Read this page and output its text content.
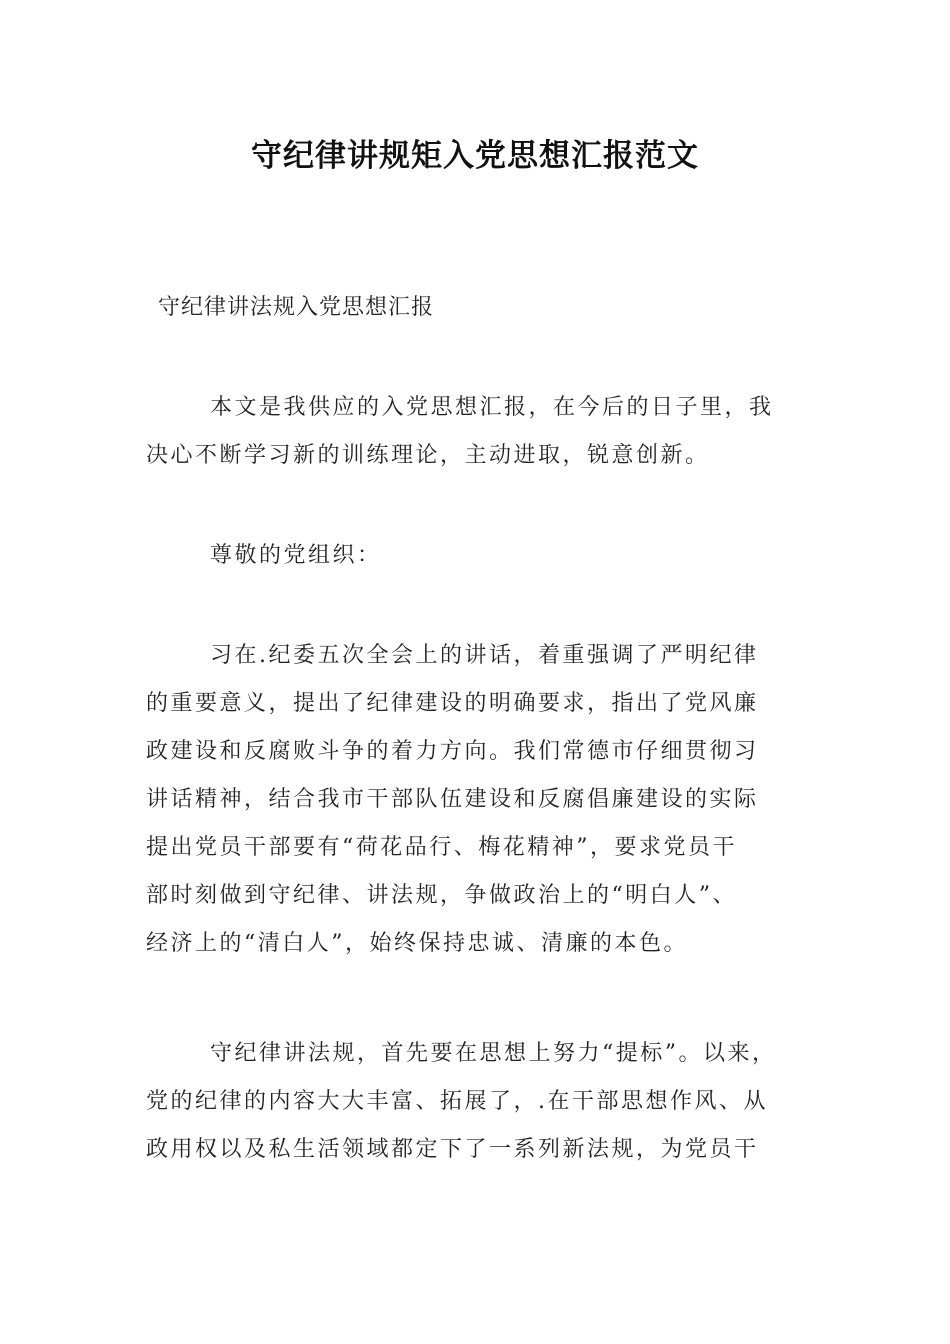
守纪律讲规矩入党思想汇报范文
守纪律讲法规入党思想汇报
本文是我供应的入党思想汇报，在今后的日子里，我
决心不断学习新的训练理论，主动进取，锐意创新。
尊敬的党组织：
习在.纪委五次全会上的讲话，着重强调了严明纪律
的重要意义，提出了纪律建设的明确要求，指出了党风廉
政建设和反腐败斗争的着力方向。我们常德市仔细贯彻习
讲话精神，结合我市干部队伍建设和反腐倡廉建设的实际
提出党员干部要有“荷花品行、梅花精神”，要求党员干
部时刻做到守纪律、讲法规，争做政治上的“明白人”、
经济上的“清白人”，始终保持忠诚、清廉的本色。
守纪律讲法规，首先要在思想上努力“提标”。以来，
党的纪律的内容大大丰富、拓展了，.在干部思想作风、从
政用权以及私生活领域都定下了一系列新法规，为党员干
